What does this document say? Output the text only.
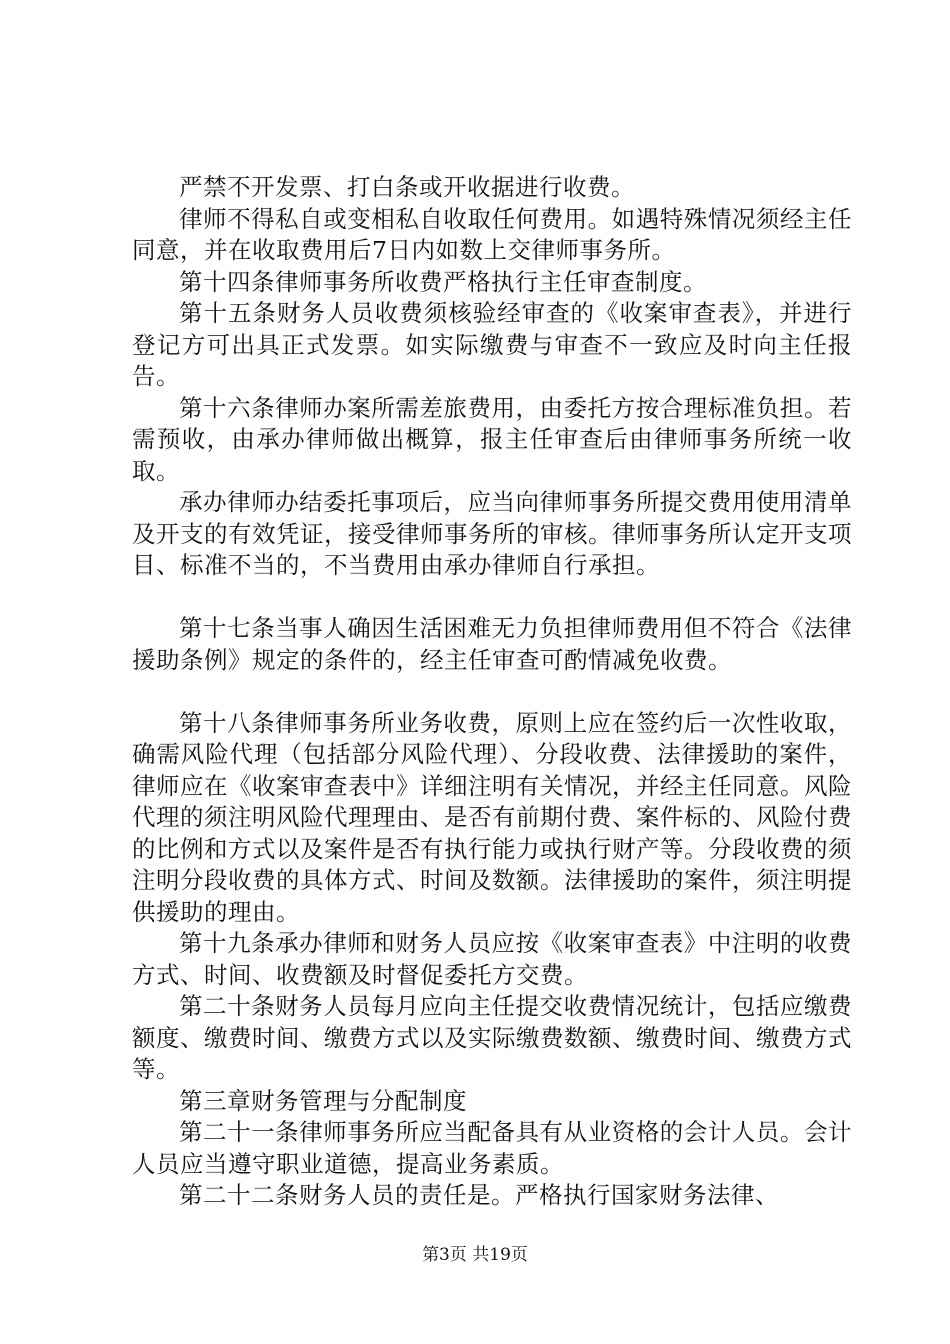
严禁不开发票、打白条或开收据进行收费。

律师不得私自或变相私自收取任何费用。如遇特殊情况须经主任同意，并在收取费用后7日内如数上交律师事务所。

第十四条律师事务所收费严格执行主任审查制度。

第十五条财务人员收费须核验经审查的《收案审查表》，并进行登记方可出具正式发票。如实际缴费与审查不一致应及时向主任报告。

第十六条律师办案所需差旅费用，由委托方按合理标准负担。若需预收，由承办律师做出概算，报主任审查后由律师事务所统一收取。

承办律师办结委托事项后，应当向律师事务所提交费用使用清单及开支的有效凭证，接受律师事务所的审核。律师事务所认定开支项目、标准不当的，不当费用由承办律师自行承担。

第十七条当事人确因生活困难无力负担律师费用但不符合《法律援助条例》规定的条件的，经主任审查可酌情减免收费。

第十八条律师事务所业务收费，原则上应在签约后一次性收取，确需风险代理（包括部分风险代理）、分段收费、法律援助的案件，律师应在《收案审查表中》详细注明有关情况，并经主任同意。风险代理的须注明风险代理理由、是否有前期付费、案件标的、风险付费的比例和方式以及案件是否有执行能力或执行财产等。分段收费的须注明分段收费的具体方式、时间及数额。法律援助的案件，须注明提供援助的理由。

第十九条承办律师和财务人员应按《收案审查表》中注明的收费方式、时间、收费额及时督促委托方交费。

第二十条财务人员每月应向主任提交收费情况统计，包括应缴费额度、缴费时间、缴费方式以及实际缴费数额、缴费时间、缴费方式等。

第三章财务管理与分配制度

第二十一条律师事务所应当配备具有从业资格的会计人员。会计人员应当遵守职业道德，提高业务素质。

第二十二条财务人员的责任是。严格执行国家财务法律、

第3页 共19页
